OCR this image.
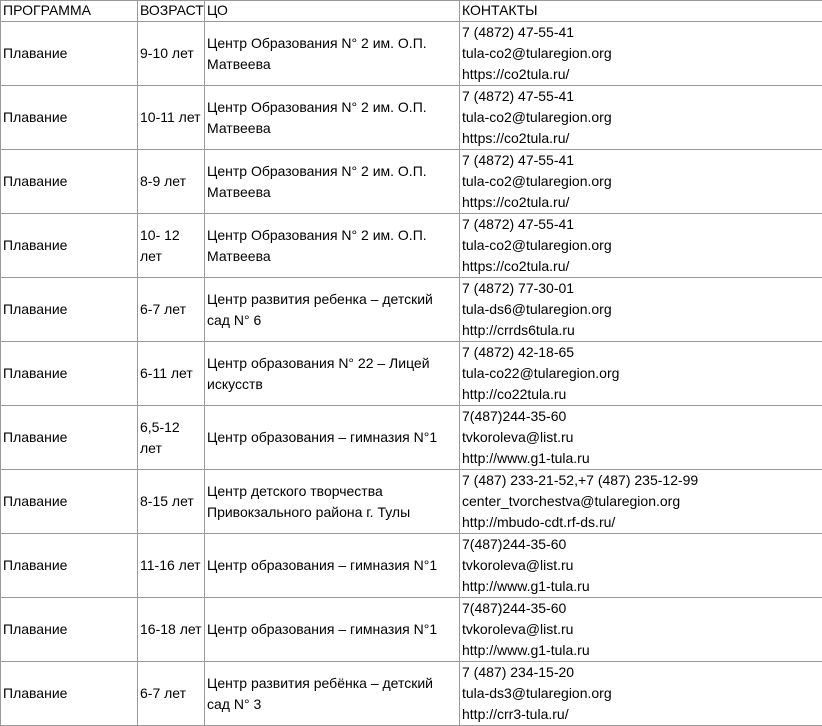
ПРОГРАММА	ВОЗРАСТ	ЦО	КОНТАКТЫ
Плавание	9-10 лет	Центр Образования N° 2 им. О.П. Матвеева	7 (4872) 47-55-41
tula-co2@tularegion.org
https://co2tula.ru/

Плавание	10-11 лет	Центр Образования N° 2 им. О.П. Матвеева	7 (4872) 47-55-41
tula-co2@tularegion.org
https://co2tula.ru/

Плавание	8-9 лет	Центр Образования N° 2 им. О.П. Матвеева	7 (4872) 47-55-41
tula-co2@tularegion.org
https://co2tula.ru/

Плавание	10- 12 лет	Центр Образования N° 2 им. О.П. Матвеева	7 (4872) 47-55-41
tula-co2@tularegion.org
https://co2tula.ru/

Плавание	6-7 лет	Центр развития ребенка – детский сад N° 6	7 (4872) 77-30-01
tula-ds6@tularegion.org
http://crrds6tula.ru

Плавание	6-11 лет	Центр образования N° 22 – Лицей искусств	7 (4872) 42-18-65
tula-co22@tularegion.org
http://co22tula.ru

Плавание	6,5-12 лет	Центр образования – гимназия N°1	7(487)244-35-60
tvkoroleva@list.ru
http://www.g1-tula.ru

Плавание	8-15 лет	Центр детского творчества Привокзального района г. Тулы	7 (487) 233-21-52,+7 (487) 235-12-99
center_tvorchestva@tularegion.org
http://mbudo-cdt.rf-ds.ru/

Плавание	11-16 лет	Центр образования – гимназия N°1	7(487)244-35-60
tvkoroleva@list.ru
http://www.g1-tula.ru

Плавание	16-18 лет	Центр образования – гимназия N°1	7(487)244-35-60
tvkoroleva@list.ru
http://www.g1-tula.ru

Плавание	6-7 лет	Центр развития ребёнка – детский сад N° 3	7 (487) 234-15-20
tula-ds3@tularegion.org
http://crr3-tula.ru/
